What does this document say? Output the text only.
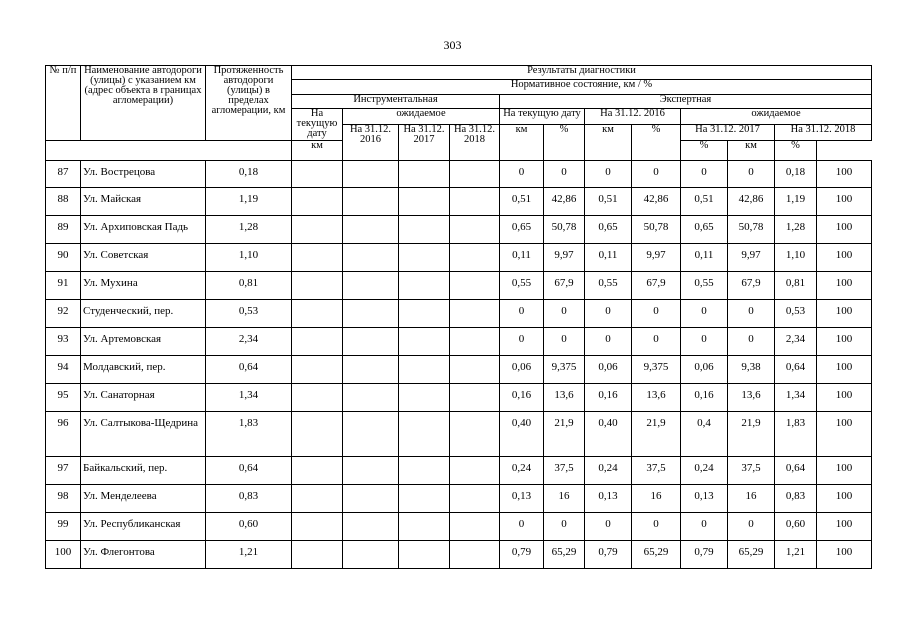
303
№ п/п	Наименование автодороги (улицы) с указанием км (адрес объекта в границах агломерации)	Протяженность автодороги (улицы) в пределах агломерации, км	Результаты диагностики											
			Нормативное состояние, км / %											
			Инструментальная				Экспертная							
			На текущую дату	ожидаемое			На текущую дату		На 31.12. 2016		ожидаемое			
				На 31.12. 2016	На 31.12. 2017	На 31.12. 2018	км	%	км	%	На 31.12. 2017		На 31.12. 2018	
			км								%	км	%	
87	Ул. Вострецова	0,18					0	0	0	0	0	0	0,18	100
88	Ул. Майская	1,19					0,51	42,86	0,51	42,86	0,51	42,86	1,19	100
89	Ул. Архиповская Падь	1,28					0,65	50,78	0,65	50,78	0,65	50,78	1,28	100
90	Ул. Советская	1,10					0,11	9,97	0,11	9,97	0,11	9,97	1,10	100
91	Ул. Мухина	0,81					0,55	67,9	0,55	67,9	0,55	67,9	0,81	100
92	Студенческий, пер.	0,53					0	0	0	0	0	0	0,53	100
93	Ул. Артемовская	2,34					0	0	0	0	0	0	2,34	100
94	Молдавский, пер.	0,64					0,06	9,375	0,06	9,375	0,06	9,38	0,64	100
95	Ул. Санаторная	1,34					0,16	13,6	0,16	13,6	0,16	13,6	1,34	100
96	Ул. Салтыкова-Щедрина	1,83					0,40	21,9	0,40	21,9	0,4	21,9	1,83	100
97	Байкальский, пер.	0,64					0,24	37,5	0,24	37,5	0,24	37,5	0,64	100
98	Ул. Менделеева	0,83					0,13	16	0,13	16	0,13	16	0,83	100
99	Ул. Республиканская	0,60					0	0	0	0	0	0	0,60	100
100	Ул. Флегонтова	1,21					0,79	65,29	0,79	65,29	0,79	65,29	1,21	100
